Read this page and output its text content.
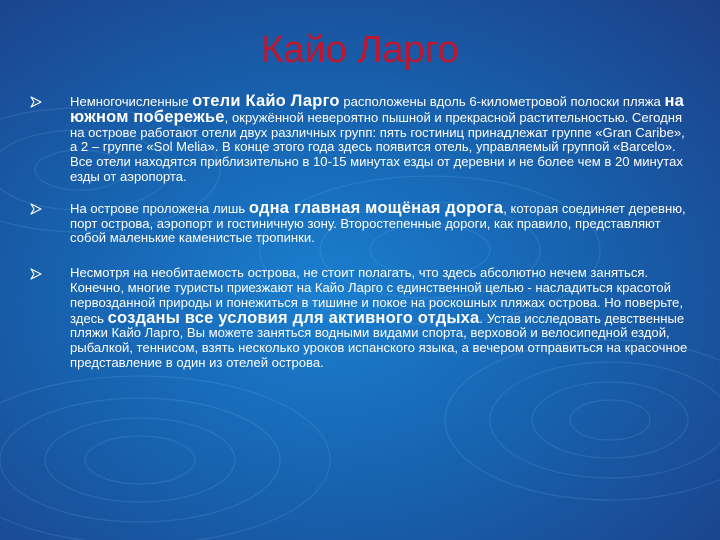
Кайо Ларго
Немногочисленные отели Кайо Ларго расположены вдоль 6-километровой полоски пляжа на южном побережье, окружённой невероятно пышной и прекрасной растительностью. Сегодня на острове работают отели двух различных групп: пять гостиниц принадлежат группе «Gran Caribe», а 2 – группе «Sol Melia». В конце этого года здесь появится отель, управляемый группой «Barcelo». Все отели находятся приблизительно в 10-15 минутах езды от деревни и не более чем в 20 минутах езды от аэропорта.
На острове проложена лишь одна главная мощёная дорога, которая соединяет деревню, порт острова, аэропорт и гостиничную зону. Второстепенные дороги, как правило, представляют собой маленькие каменистые тропинки.
Несмотря на необитаемость острова, не стоит полагать, что здесь абсолютно нечем заняться. Конечно, многие туристы приезжают на Кайо Ларго с единственной целью - насладиться красотой первозданной природы и понежиться в тишине и покое на роскошных пляжах острова. Но поверьте, здесь созданы все условия для активного отдыха. Устав исследовать девственные пляжи Кайо Ларго, Вы можете заняться водными видами спорта, верховой и велосипедной ездой, рыбалкой, теннисом, взять несколько уроков испанского языка, а вечером отправиться на красочное представление в один из отелей острова.
